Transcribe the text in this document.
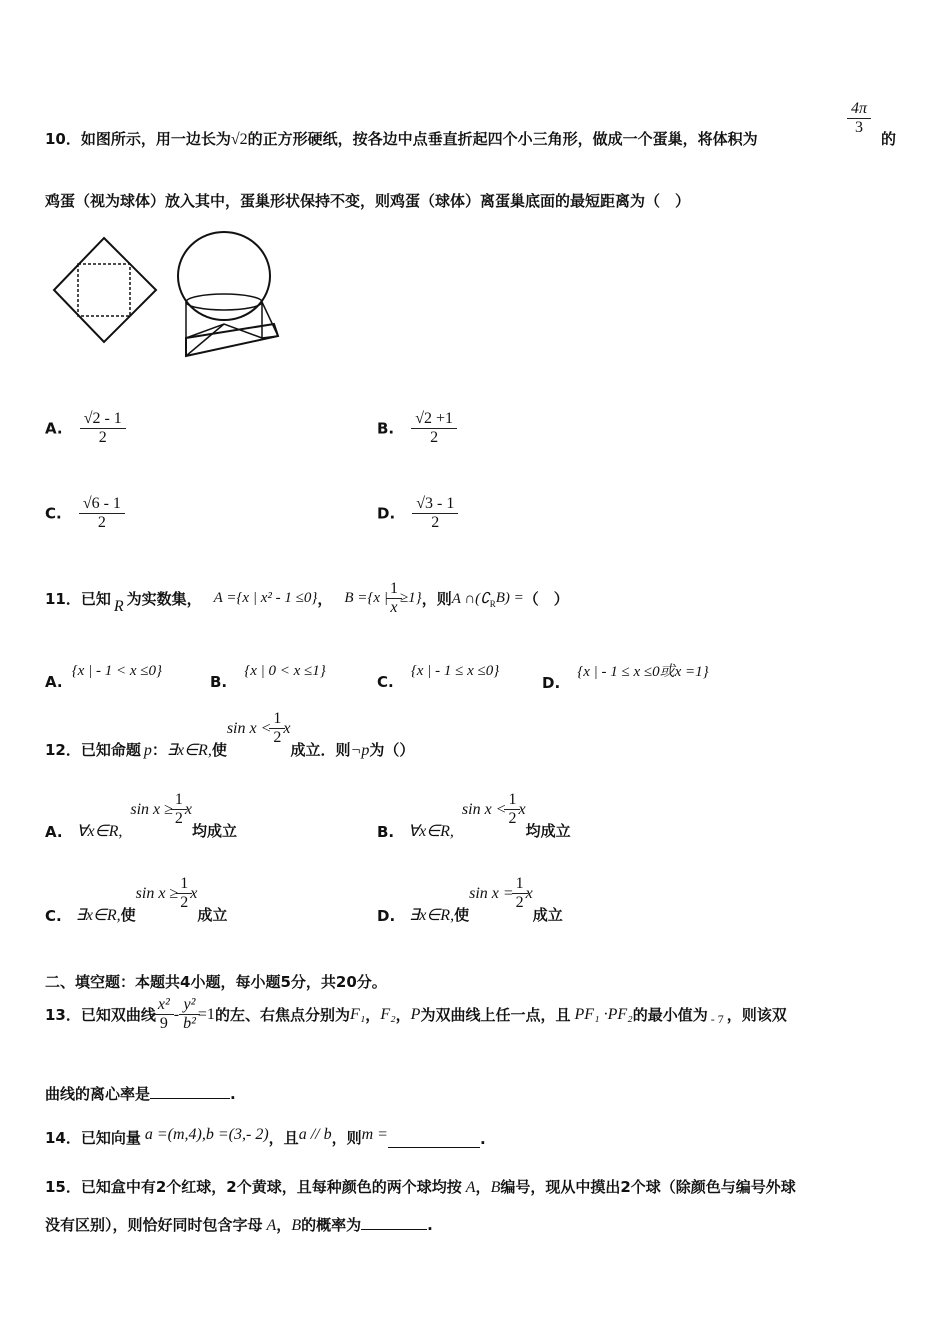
$\frac{4\pi}{3}$
10．如图所示，用一边长为√2的正方形硬纸，按各边中点垂直折起四个小三角形，做成一个蛋巢，将体积为	的
鸡蛋（视为球体）放入其中，蛋巢形状保持不变，则鸡蛋（球体）离蛋巢底面的最短距离为（　）
A. $\frac{√2 - 1}{2}$	B. $\frac{√2 +1}{2}$
C. $\frac{√6 - 1}{2}$	D. $\frac{√3 - 1}{2}$
11．已知 R 为实数集， A ={x | x² - 1 ≤0} ， B ={x | $\frac{1}{x} \ge 1$} ，则 A ∩(∁ R B) = （　）
A. {x | - 1 < x ≤0}
B. {x | 0 < x ≤1}
C. {x | - 1 ≤ x ≤0}
D. {x | - 1 ≤ x ≤0或x =1}
12．已知命题 p ： ∃x∈R, 使
$\sin x < \frac{1}{2}$ x
成立．则 ¬p 为（）
A. ∀x∈R,
$\sin x \ge \frac{1}{2}$ x
均成立	B. ∀x∈R,
$\sin x < \frac{1}{2}$ x
均成立
C. ∃x∈R, 使
$\sin x \ge \frac{1}{2}$ x
成立	D. ∃x∈R, 使
$\sin x = \frac{1}{2}$ x
成立
二、填空题：本题共4小题，每小题5分，共20分。
13．已知双曲线 $\frac{\text{x²}}{9} - \frac{\text{y²}}{\text{b²}} =1$ 的左、右焦点分别为 F₁ ， F₂ ， P 为双曲线上任一点，且 PF₁ ·PF₂ 的最小值为 - 7 ，则该双
曲线的离心率是	.
14．已知向量 a =(m,4),b =(3,- 2) ，且 a // b ，则 m =	.
15．已知盒中有2个红球，2个黄球，且每种颜色的两个球均按 A，B编号，现从中摸出2个球（除颜色与编号外球
没有区别），则恰好同时包含字母 A，B的概率为	.
